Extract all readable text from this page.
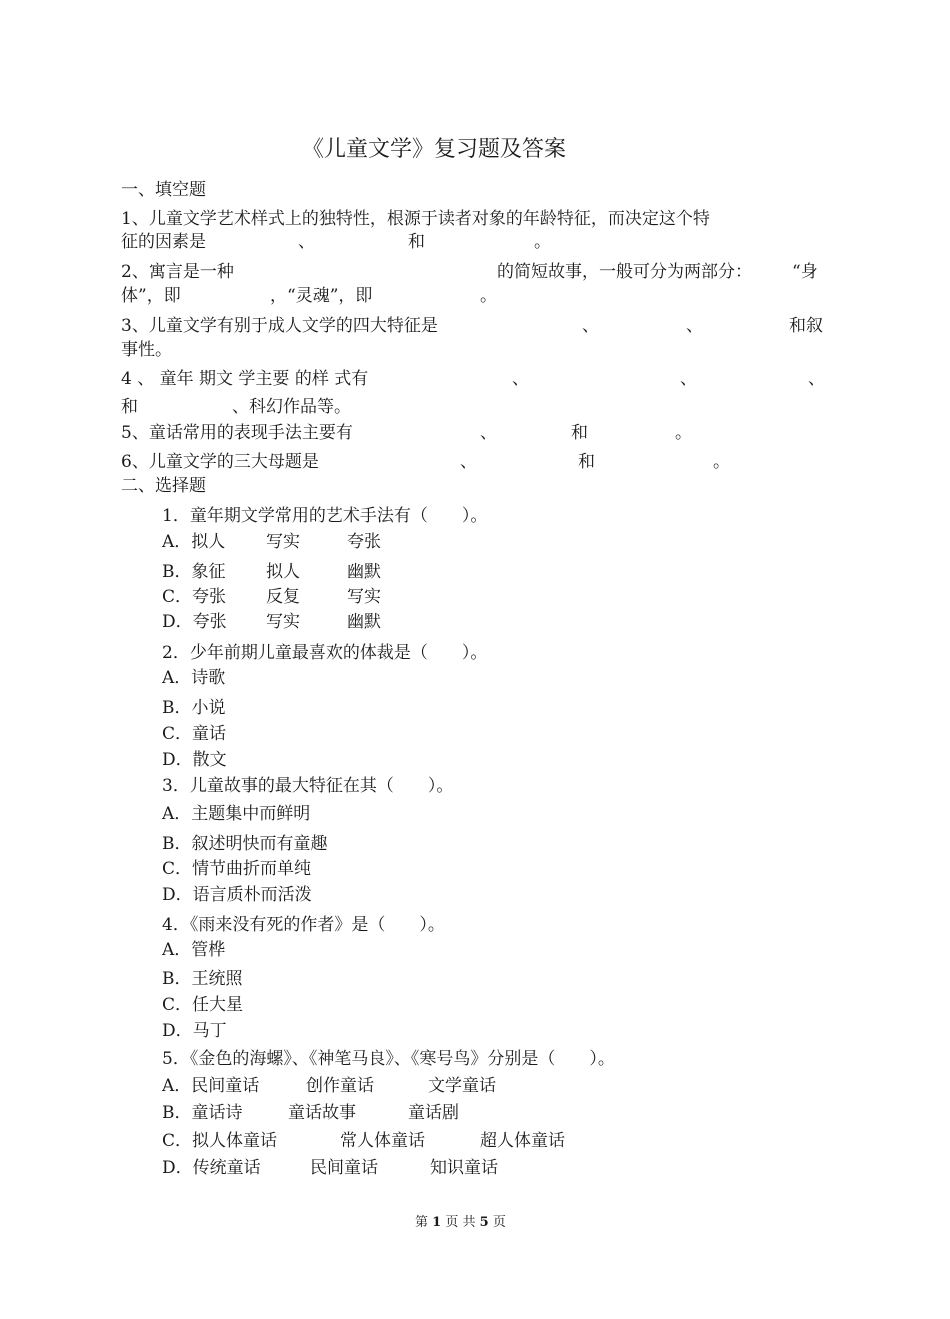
《儿童文学》复习题及答案
一、填空题
1、儿童文学艺术样式上的独特性，根源于读者对象的年龄特征，而决定这个特
征的因素是	、	和	。
2、寓言是一种	的简短故事，一般可分为两部分： “身
体”，即	，“灵魂”，即	。
3、儿童文学有别于成人文学的四大特征是	、	、	和叙
事性。
4 、 童年 期文 学主要 的样 式有	、	、	、
和	、科幻作品等。
5、童话常用的表现手法主要有	、	和	。
6、儿童文学的三大母题是	、	和	。
二、选择题
1．童年期文学常用的艺术手法有（　　）。
A．拟人 写实	夸张
B．象征 拟人	幽默
C．夸张 反复	写实
D．夸张 写实	幽默
2．少年前期儿童最喜欢的体裁是（　　）。
A．诗歌
B．小说
C．童话
D．散文
3．儿童故事的最大特征在其（　　）。
A．主题集中而鲜明
B．叙述明快而有童趣
C．情节曲折而单纯
D．语言质朴而活泼
4．《雨来没有死的作者》是（　　）。
A．管桦
B．王统照
C．任大星
D．马丁
5．《金色的海螺》、《神笔马良》、《寒号鸟》分别是（　　）。
A．民间童话	创作童话	文学童话
B．童话诗	童话故事	童话剧
C．拟人体童话	常人体童话	超人体童话
D．传统童话	民间童话	知识童话
第 1 页 共 5 页
